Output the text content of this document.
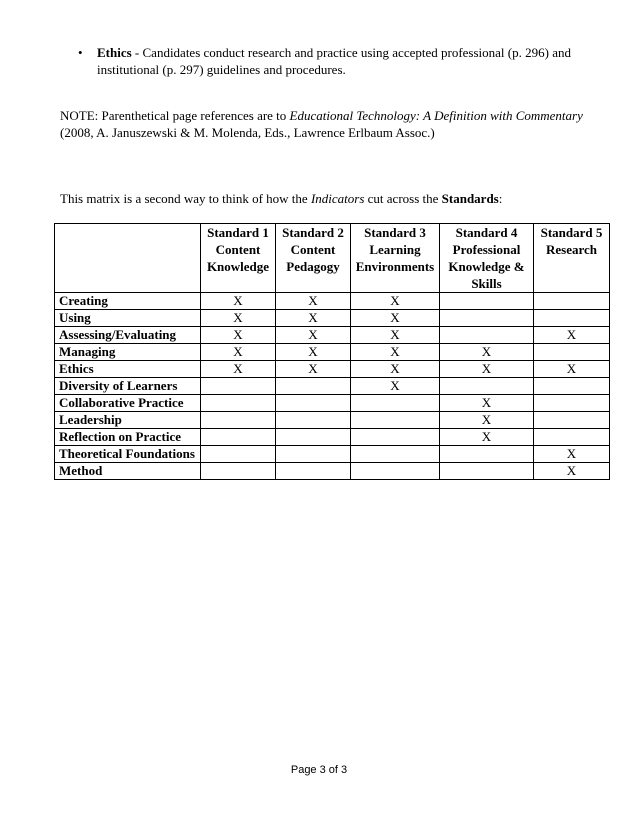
• Ethics - Candidates conduct research and practice using accepted professional (p. 296) and institutional (p. 297) guidelines and procedures.
NOTE: Parenthetical page references are to Educational Technology: A Definition with Commentary
(2008, A. Januszewski & M. Molenda, Eds., Lawrence Erlbaum Assoc.)
This matrix is a second way to think of how the Indicators cut across the Standards:

	Standard 1
Content
Knowledge	Standard 2
Content
Pedagogy	Standard 3
Learning
Environments	Standard 4
Professional
Knowledge &
Skills	Standard 5
Research

Creating	X	X	X		
Using	X	X	X		
Assessing/Evaluating	X	X	X		X
Managing	X	X	X	X	
Ethics	X	X	X	X	X
Diversity of Learners			X		
Collaborative Practice				X	
Leadership				X	
Reflection on Practice				X	
Theoretical Foundations					X
Method					X
Page 3 of 3
